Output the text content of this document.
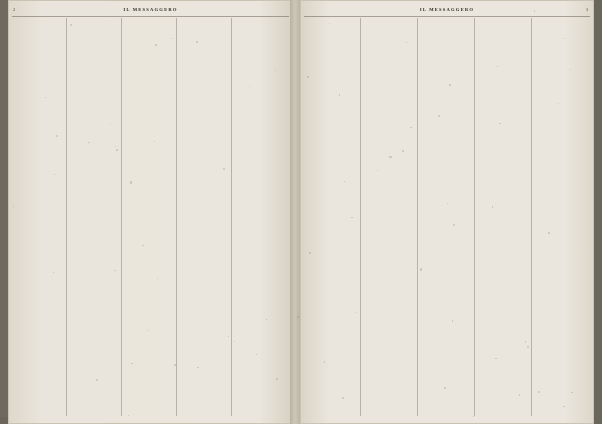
IL MESSAGGERO
2	IL MESSAGGERO	3
